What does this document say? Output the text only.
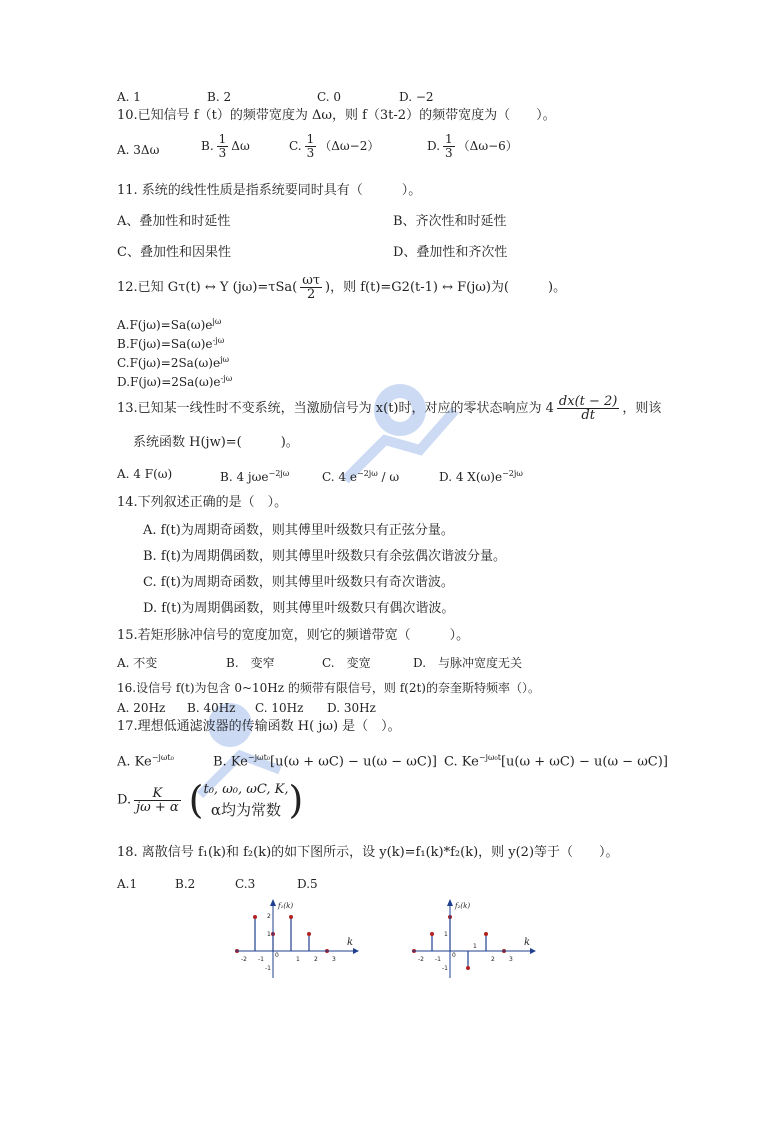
A. 1	B. 2	C. 0	D. −2
10.已知信号 f（t）的频带宽度为 Δω，则 f（3t-2）的频带宽度为（　　）。
A. 3Δω	B. $\frac{1}{3}$ Δω	C. $\frac{1}{3} (\Delta\omega-2)$	D. $\frac{1}{3} (\Delta\omega-6)$
11. 系统的线性性质是指系统要同时具有（　　　）。
A、叠加性和时延性	B、齐次性和时延性
C、叠加性和因果性	D、叠加性和齐次性
12.已知 Gτ(t) ↔ Y $(j\omega)=\tau Sa( \frac{\omega\tau}{2}$ )，则 f(t)=G2(t-1) ↔ F(jω)为(　　　)。
$A.F(j\omega)=Sa(\omega)e^{j\omega}$
$B.F(j\omega)=Sa(\omega)e^{-j\omega}$
$C.F(j\omega)=2Sa(\omega)e^{j\omega}$
$D.F(j\omega)=2Sa(\omega)e^{-j\omega}$
13.已知某一线性时不变系统，当激励信号为 x(t)时，对应的零状态响应为 $4 \frac{dx(t - 2)}{dt}$ ，则该
系统函数 H(jw)=(　　　)。
A. 4 F(ω)	B. 4 jωe$^{-2j\omega}$	C. 4 $e^{-2j\omega}$ / ω	D. 4 $X(\omega)e^{-2j\omega}$
14.下列叙述正确的是（　）。
A. f(t)为周期奇函数，则其傅里叶级数只有正弦分量。
B. f(t)为周期偶函数，则其傅里叶级数只有余弦偶次谐波分量。
C. f(t)为周期奇函数，则其傅里叶级数只有奇次谐波。
D. f(t)为周期偶函数，则其傅里叶级数只有偶次谐波。
15.若矩形脉冲信号的宽度加宽，则它的频谱带宽（　　　）。
A. 不变	B.　变窄	C.　变宽	D.　与脉冲宽度无关
16.设信号 f(t)为包含 0~10Hz 的频带有限信号，则 f(2t)的奈奎斯特频率（）。
A. 20Hz B. 40Hz C. 10Hz D. 30Hz
17.理想低通滤波器的传输函数 H( jω) 是（　）。
A. $Ke^{-j\omega t_0}$	B. $Ke^{-j\omega t_0}[u(\omega + \omega C) - u(\omega - \omega C)]$ C. $Ke^{-j\omega_0t}[u(\omega + \omega C) - u(\omega - \omega C)]$
D. $\frac{K}{j\omega + \alpha}$ ( t₀, ω₀, ωC, K,
α均为常数 )
18. 离散信号 f₁(k)和 f₂(k)的如下图所示，设 y(k)=f₁(k)*f₂(k)，则 y(2)等于（　　）。
A.1	B.2	C.3	D.5
f₁(k)
k
-2 -1
0
1 2 3
2
1
-1
f₂(k)
k
-2 -1
0
1
2 3
1
-1
